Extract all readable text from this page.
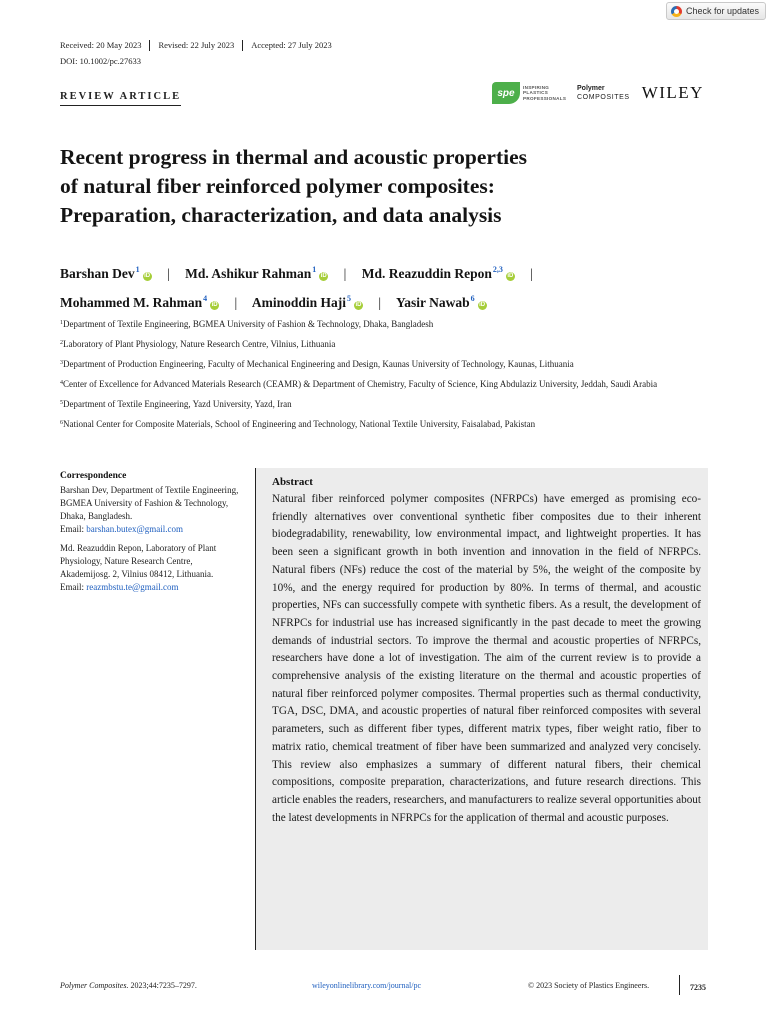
Check for updates
Received: 20 May 2023	Revised: 22 July 2023	Accepted: 27 July 2023
DOI: 10.1002/pc.27633
REVIEW ARTICLE	spe
INSPIRING
PLASTICS
PROFESSIONALS
Polymer
COMPOSITES WILEY
Recent progress in thermal and acoustic properties
of natural fiber reinforced polymer composites:
Preparation, characterization, and data analysis
Barshan Dev$^1$iD | Md. Ashikur Rahman$^1$iD | Md. Reazuddin Repon$^{2,3}$iD |
Mohammed M. Rahman$^4$iD | Aminoddin Haji$^5$iD | Yasir Nawab$^6$iD
$^1$Department of Textile Engineering, BGMEA University of Fashion & Technology, Dhaka, Bangladesh
$^2$Laboratory of Plant Physiology, Nature Research Centre, Vilnius, Lithuania
$^3$Department of Production Engineering, Faculty of Mechanical Engineering and Design, Kaunas University of Technology, Kaunas, Lithuania
$^4$Center of Excellence for Advanced Materials Research (CEAMR) & Department of Chemistry, Faculty of Science, King Abdulaziz University, Jeddah, Saudi Arabia
$^5$Department of Textile Engineering, Yazd University, Yazd, Iran
$^6$National Center for Composite Materials, School of Engineering and Technology, National Textile University, Faisalabad, Pakistan
Correspondence
Barshan Dev, Department of Textile Engineering, BGMEA University of Fashion & Technology, Dhaka, Bangladesh.
Email: barshan.butex@gmail.com
Md. Reazuddin Repon, Laboratory of Plant Physiology, Nature Research Centre, Akademijosg. 2, Vilnius 08412, Lithuania.
Email: reazmbstu.te@gmail.com
Abstract
Natural fiber reinforced polymer composites (NFRPCs) have emerged as promising eco-friendly alternatives over conventional synthetic fiber composites due to their inherent biodegradability, renewability, low environmental impact, and lightweight properties. It has been seen a significant growth in both invention and innovation in the field of NFRPCs. Natural fibers (NFs) reduce the cost of the material by 5%, the weight of the composite by 10%, and the energy required for production by 80%. In terms of thermal, and acoustic properties, NFs can successfully compete with synthetic fibers. As a result, the development of NFRPCs for industrial use has increased significantly in the past decade to meet the growing demands of industrial sectors. To improve the thermal and acoustic properties of NFRPCs, researchers have done a lot of investigation. The aim of the current review is to provide a comprehensive analysis of the existing literature on the thermal and acoustic properties of natural fiber reinforced polymer composites. Thermal properties such as thermal conductivity, TGA, DSC, DMA, and acoustic properties of natural fiber reinforced composites with several parameters, such as different fiber types, different matrix types, fiber weight ratio, fiber to matrix ratio, chemical treatment of fiber have been summarized and analyzed very concisely. This review also emphasizes a summary of different natural fibers, their chemical compositions, composite preparation, characterizations, and future research directions. This article enables the readers, researchers, and manufacturers to realize several opportunities about the latest developments in NFRPCs for the application of thermal and acoustic purposes.
Polymer Composites. 2023;44:7235–7297.	wileyonlinelibrary.com/journal/pc	© 2023 Society of Plastics Engineers.	7235
